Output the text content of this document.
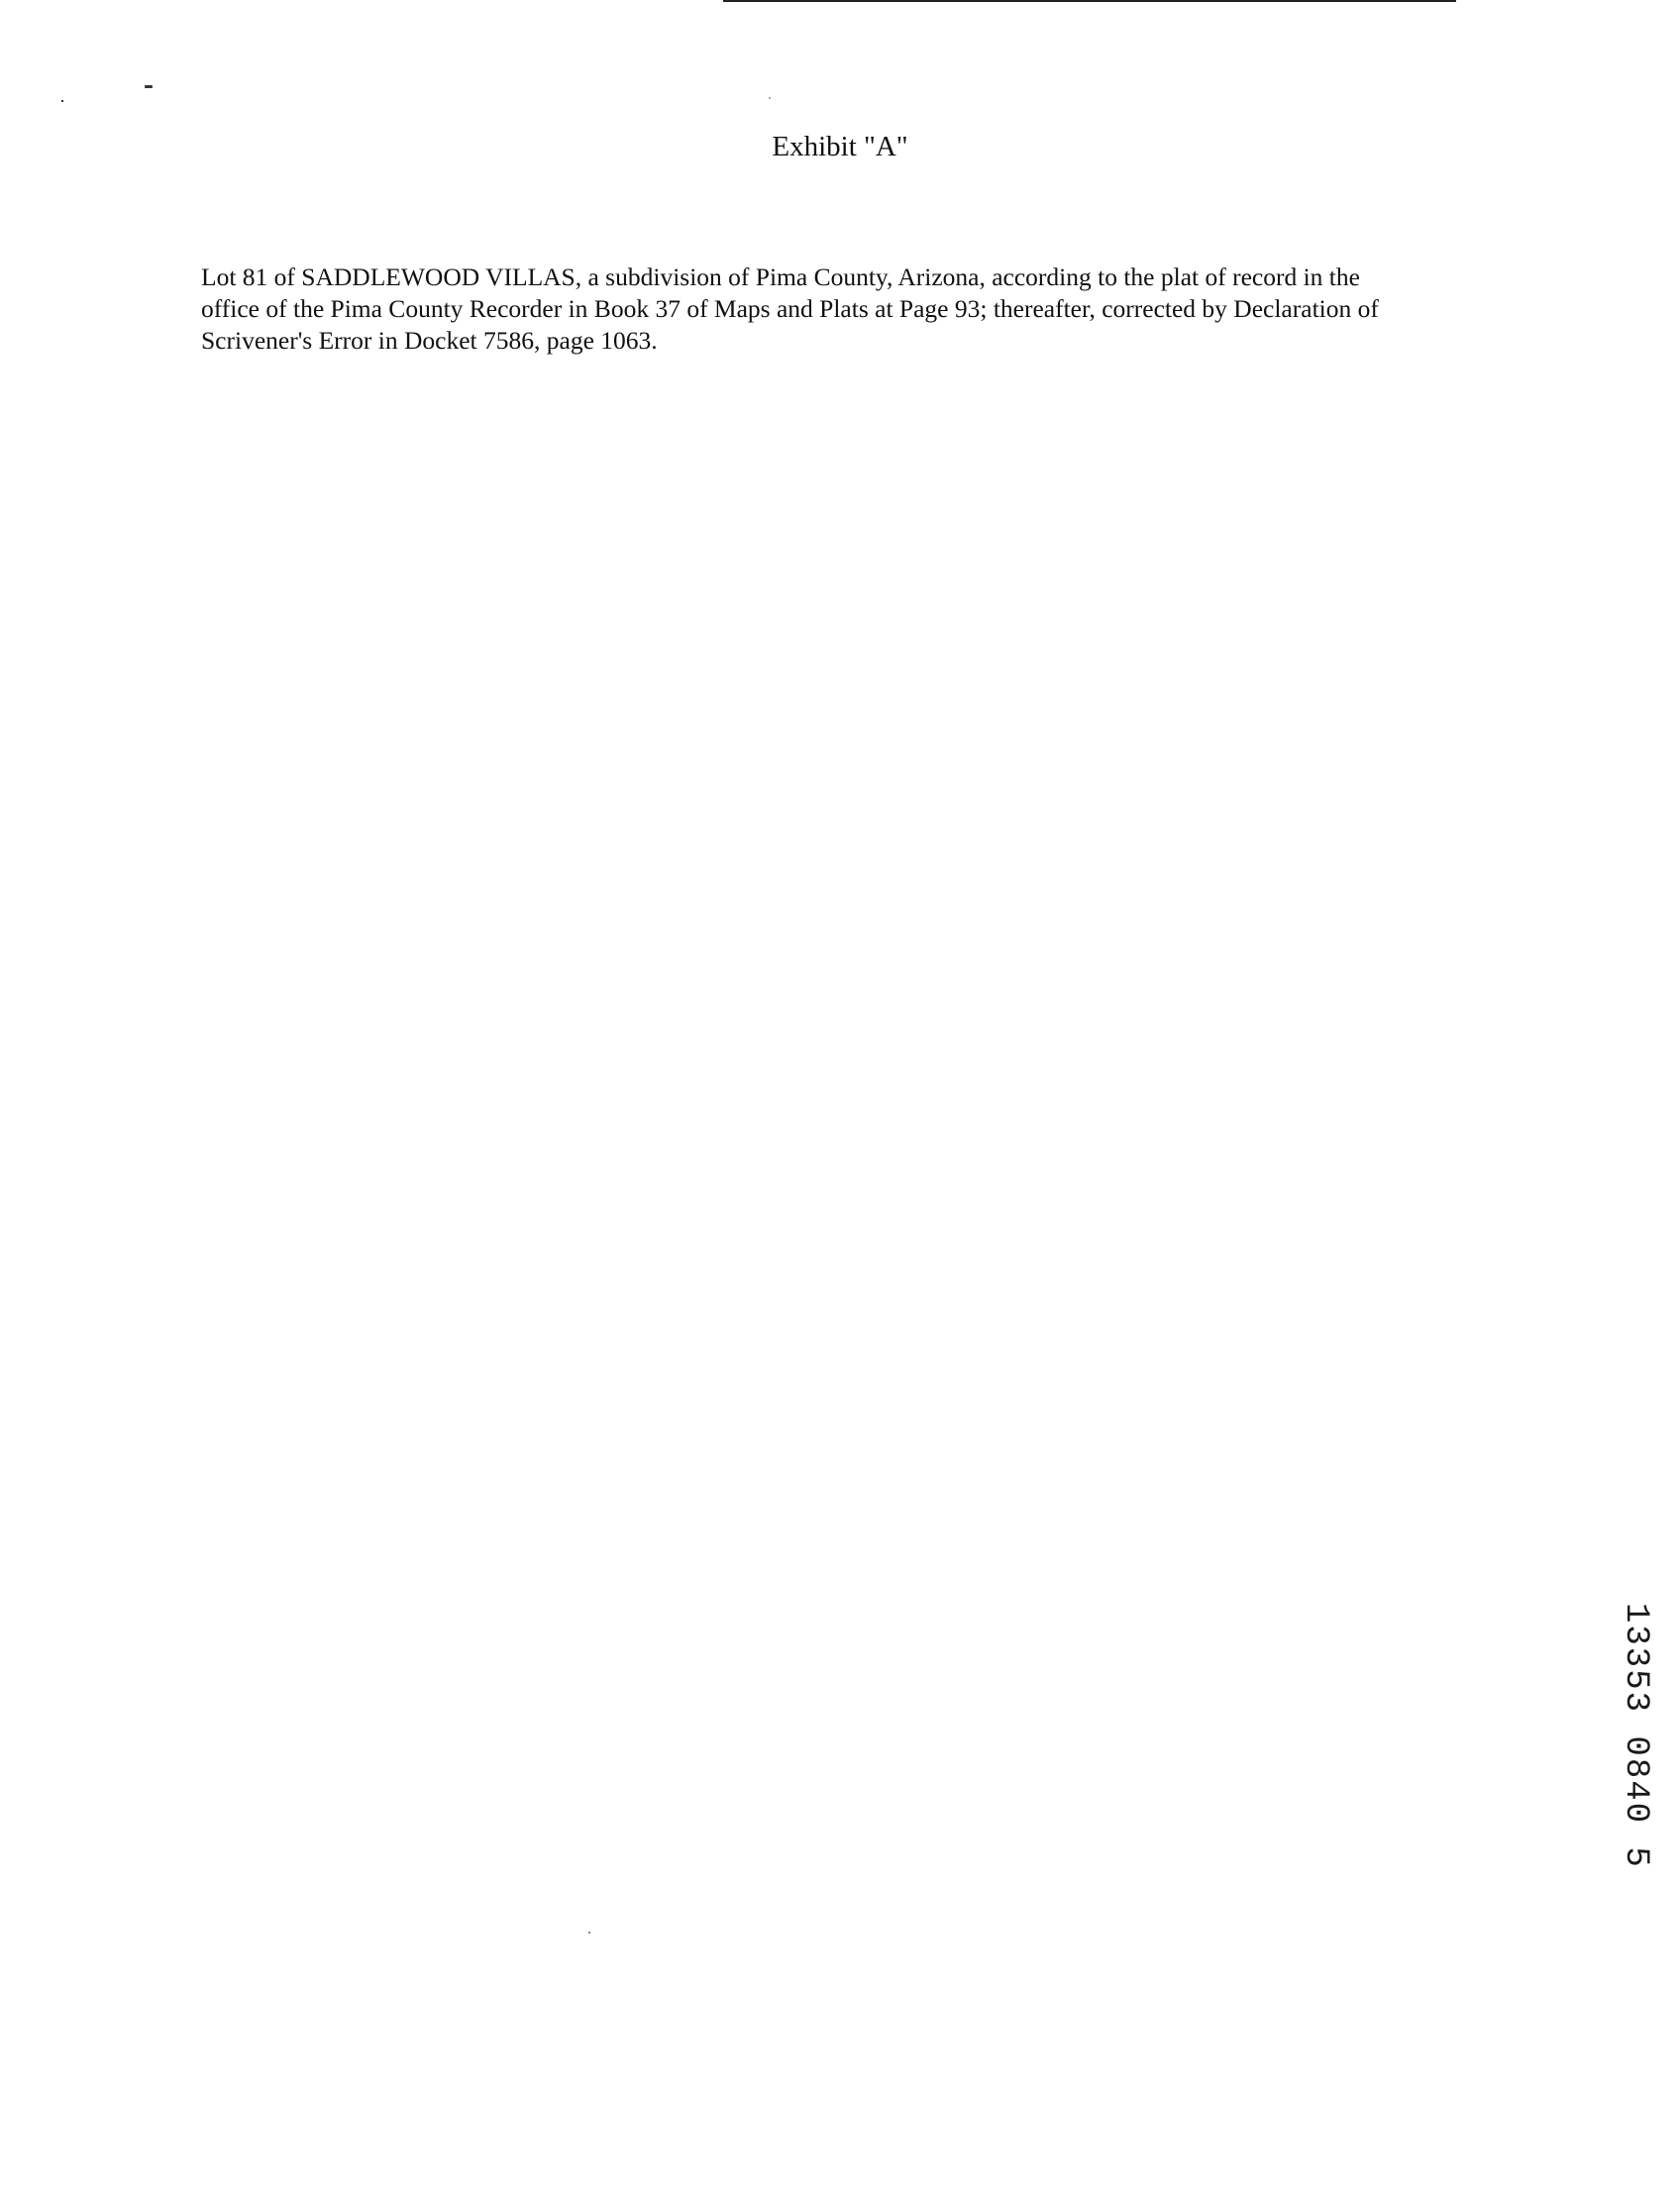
Exhibit "A"

Lot 81 of SADDLEWOOD VILLAS, a subdivision of Pima County, Arizona, according to the plat of record in the
office of the Pima County Recorder in Book 37 of Maps and Plats at Page 93; thereafter, corrected by Declaration of
Scrivener's Error in Docket 7586, page 1063.

13353 0840 5
